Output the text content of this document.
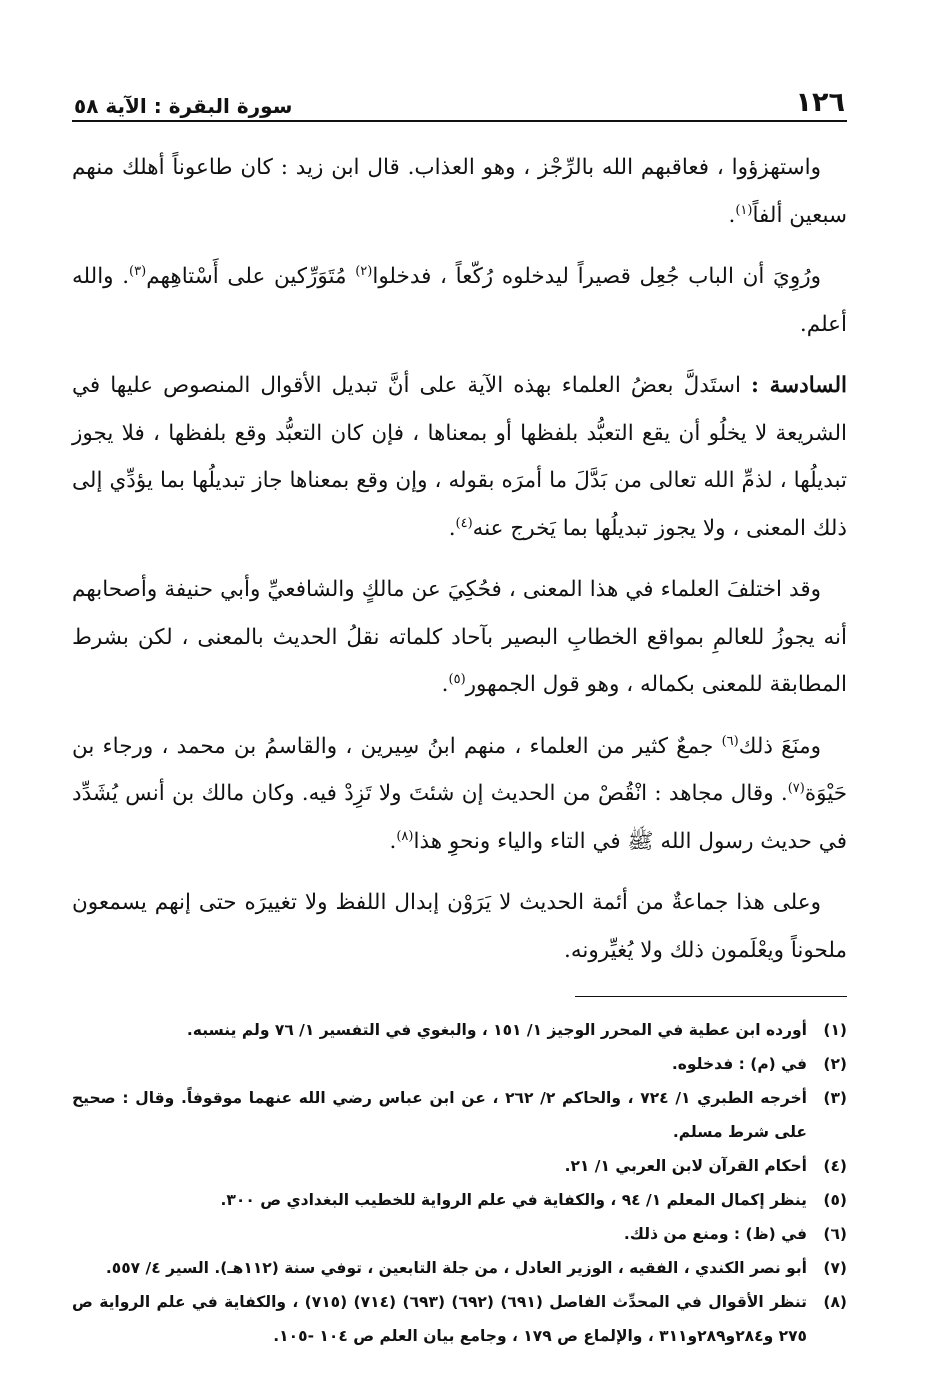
١٢٦
سورة البقرة : الآية ٥٨

واستهزؤوا ، فعاقبهم الله بالرِّجْز ، وهو العذاب. قال ابن زيد : كان طاعوناً أهلك منهم سبعين ألفاً$^{(١)}$.

ورُوِيَ أن الباب جُعِل قصيراً ليدخلوه رُكّعاً ، فدخلوا$^{(٢)}$ مُتَوَرِّكين على أَسْتاهِهم$^{(٣)}$. والله أعلم.

السادسة : استَدلَّ بعضُ العلماء بهذه الآية على أنَّ تبديل الأقوال المنصوص عليها في الشريعة لا يخلُو أن يقع التعبُّد بلفظها أو بمعناها ، فإن كان التعبُّد وقع بلفظها ، فلا يجوز تبديلُها ، لذمِّ الله تعالى من بَدَّلَ ما أمرَه بقوله ، وإن وقع بمعناها جاز تبديلُها بما يؤدِّي إلى ذلك المعنى ، ولا يجوز تبديلُها بما يَخرج عنه$^{(٤)}$.

وقد اختلفَ العلماء في هذا المعنى ، فحُكِيَ عن مالكٍ والشافعيِّ وأبي حنيفة وأصحابهم أنه يجوزُ للعالمِ بمواقع الخطابِ البصير بآحاد كلماته نقلُ الحديث بالمعنى ، لكن بشرط المطابقة للمعنى بكماله ، وهو قول الجمهور$^{(٥)}$.

ومنَعَ ذلك$^{(٦)}$ جمعٌ كثير من العلماء ، منهم ابنُ سِيرين ، والقاسمُ بن محمد ، ورجاء بن حَيْوَة$^{(٧)}$. وقال مجاهد : انْقُصْ من الحديث إن شئتَ ولا تَزِدْ فيه. وكان مالك بن أنس يُشَدِّد في حديث رسول الله ﷺ في التاء والياء ونحوِ هذا$^{(٨)}$.

وعلى هذا جماعةٌ من أئمة الحديث لا يَرَوْن إبدال اللفظ ولا تغييرَه حتى إنهم يسمعون ملحوناً ويعْلَمون ذلك ولا يُغيِّرونه.

(١)
أورده ابن عطية في المحرر الوجيز ١/ ١٥١ ، والبغوي في التفسير ١/ ٧٦ ولم ينسبه.
(٢)
في (م) : فدخلوه.
(٣)
أخرجه الطبري ١/ ٧٢٤ ، والحاكم ٢/ ٢٦٢ ، عن ابن عباس رضي الله عنهما موقوفاً. وقال : صحيح على شرط مسلم.
(٤)
أحكام القرآن لابن العربي ١/ ٢١.
(٥)
ينظر إكمال المعلم ١/ ٩٤ ، والكفاية في علم الرواية للخطيب البغدادي ص ٣٠٠.
(٦)
في (ظ) : ومنع من ذلك.
(٧)
أبو نصر الكندي ، الفقيه ، الوزير العادل ، من جلة التابعين ، توفي سنة (١١٢هـ). السير ٤/ ٥٥٧.
(٨)
تنظر الأقوال في المحدِّث الفاصل (٦٩١) (٦٩٢) (٦٩٣) (٧١٤) (٧١٥) ، والكفاية في علم الرواية ص ٢٧٥ و٢٨٤و٢٨٩و٣١١ ، والإلماع ص ١٧٩ ، وجامع بيان العلم ص ١٠٤ -١٠٥.
